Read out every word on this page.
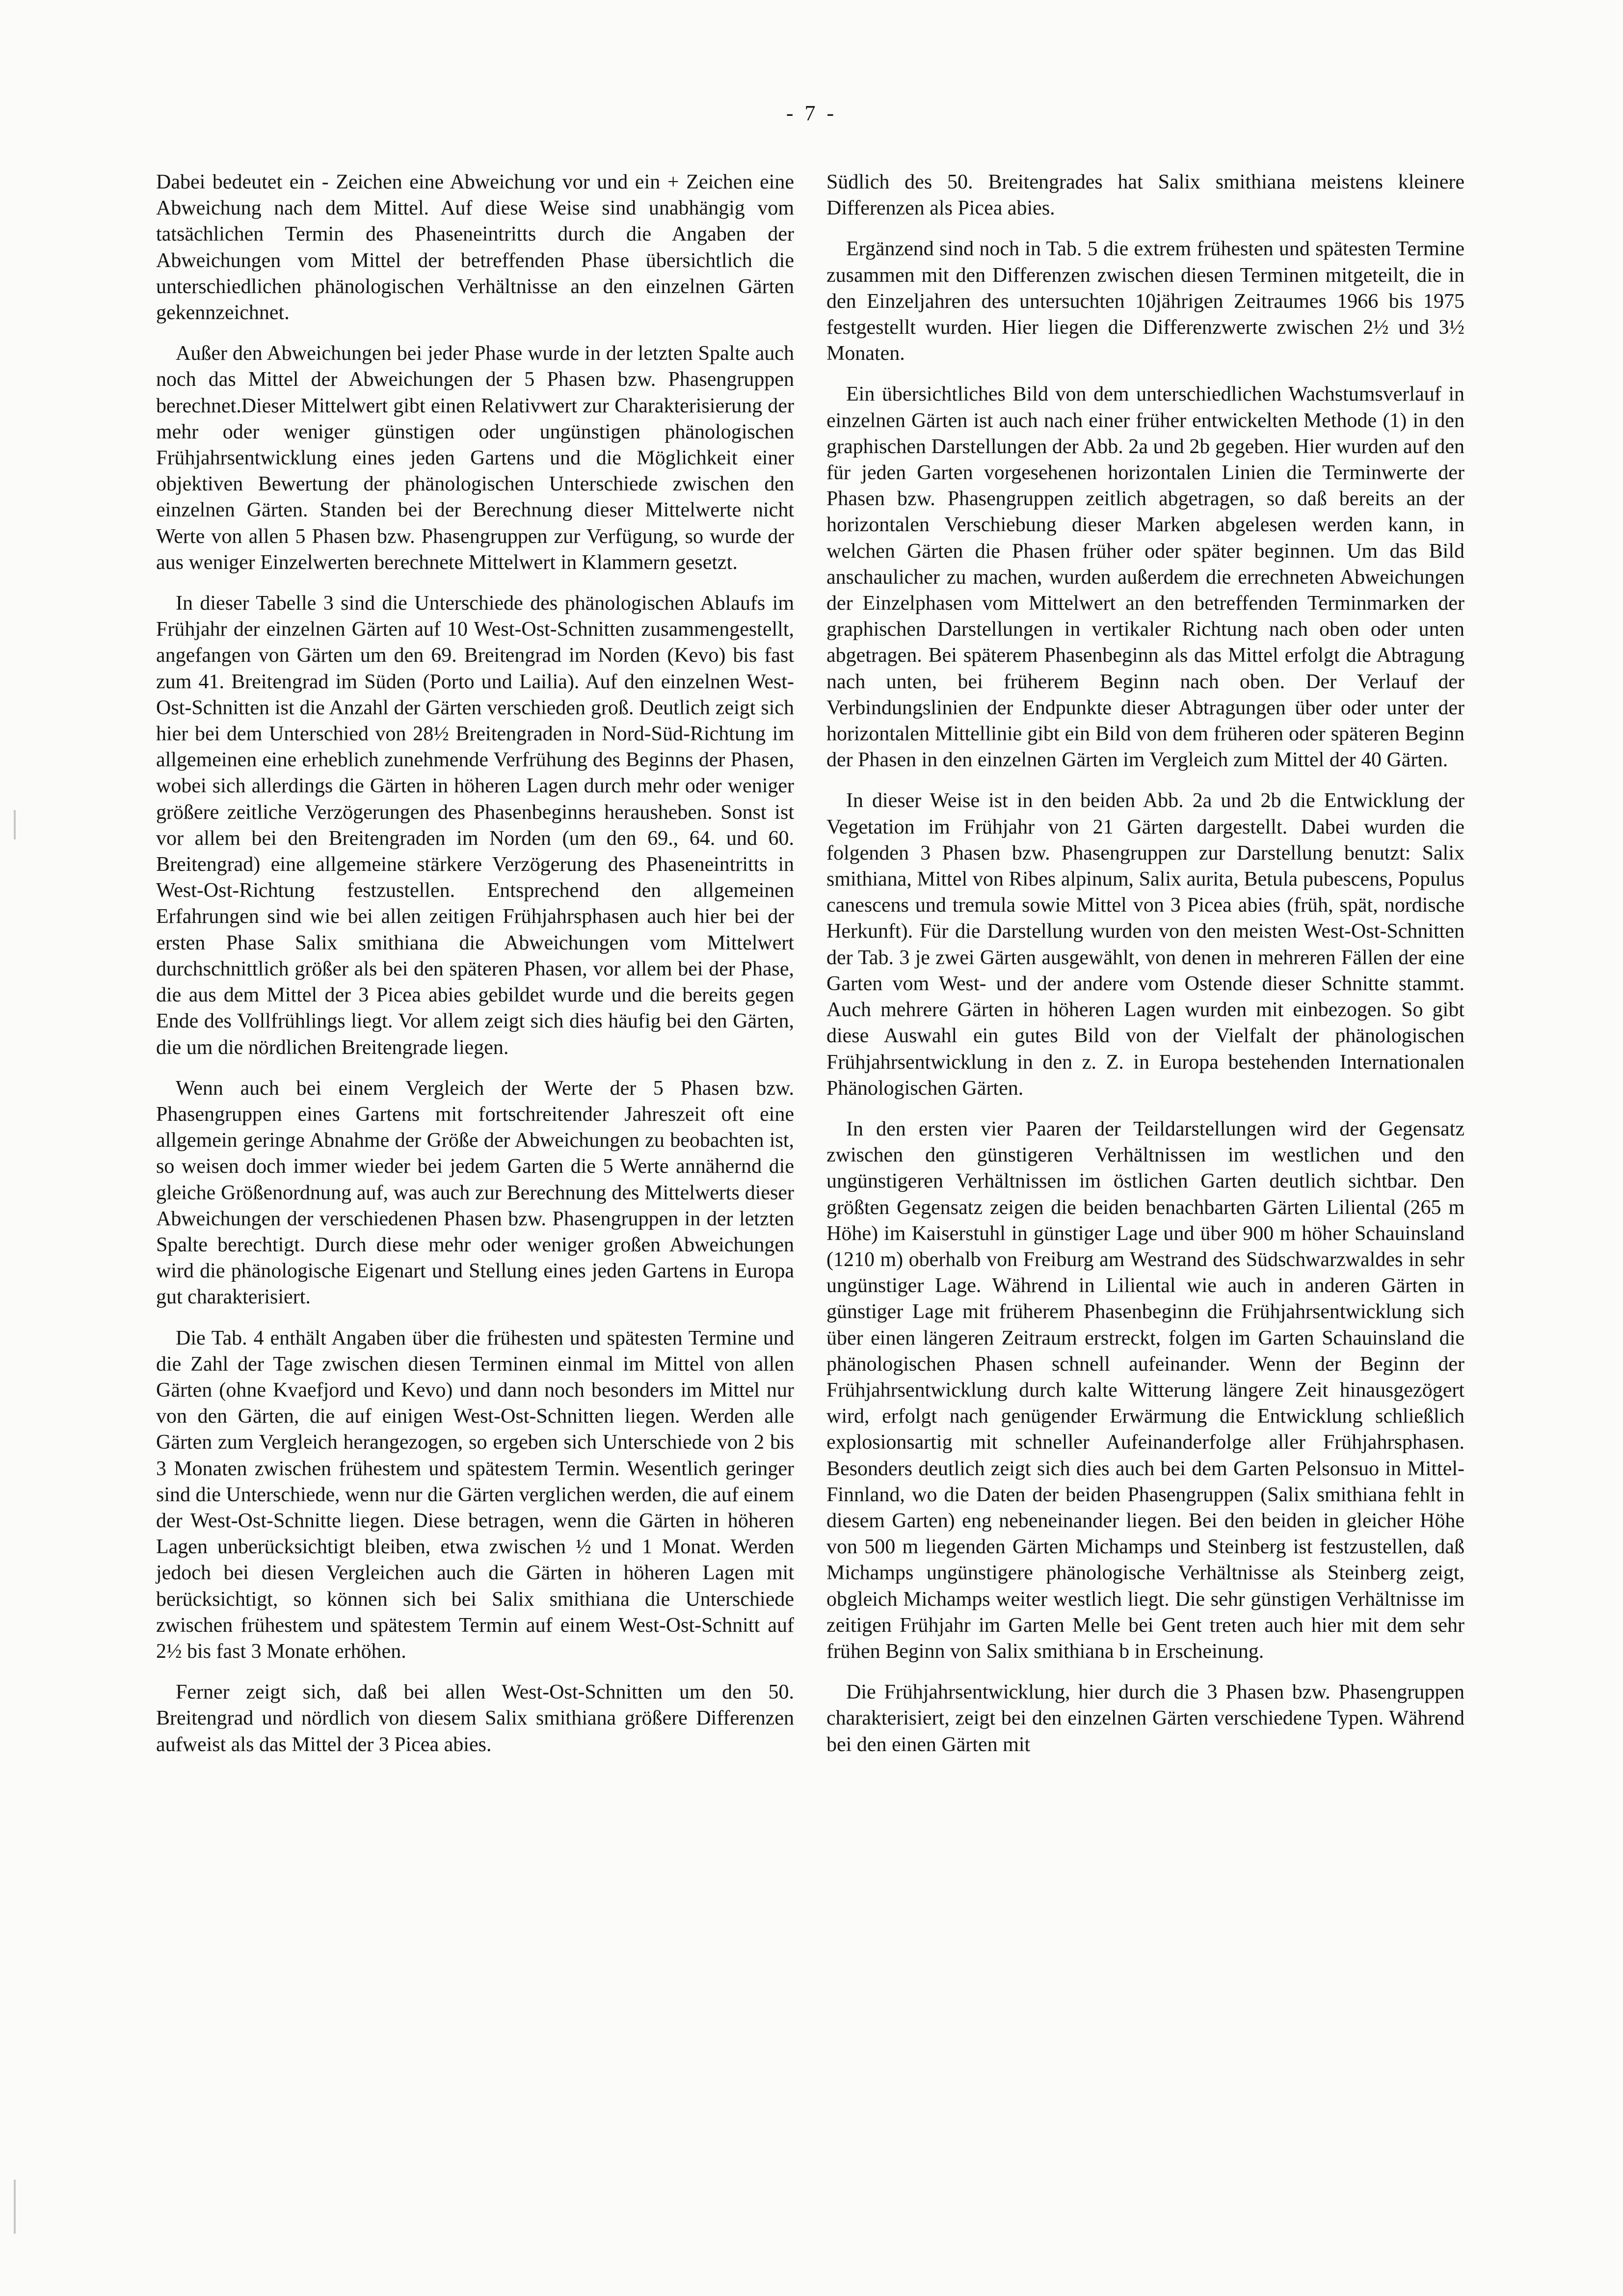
- 7 -

Dabei bedeutet ein - Zeichen eine Abweichung vor und ein + Zeichen eine Abweichung nach dem Mittel. Auf diese Weise sind unabhängig vom tatsächlichen Termin des Phaseneintritts durch die Angaben der Abweichungen vom Mittel der betreffenden Phase übersichtlich die unterschiedlichen phänologischen Verhältnisse an den einzelnen Gärten gekennzeichnet.

Außer den Abweichungen bei jeder Phase wurde in der letzten Spalte auch noch das Mittel der Abweichungen der 5 Phasen bzw. Phasengruppen berechnet.Dieser Mittelwert gibt einen Relativwert zur Charakterisierung der mehr oder weniger günstigen oder ungünstigen phänologischen Frühjahrsentwicklung eines jeden Gartens und die Möglichkeit einer objektiven Bewertung der phänologischen Unterschiede zwischen den einzelnen Gärten. Standen bei der Berechnung dieser Mittelwerte nicht Werte von allen 5 Phasen bzw. Phasengruppen zur Verfügung, so wurde der aus weniger Einzelwerten berechnete Mittelwert in Klammern gesetzt.

In dieser Tabelle 3 sind die Unterschiede des phänologischen Ablaufs im Frühjahr der einzelnen Gärten auf 10 West-Ost-Schnitten zusammengestellt, angefangen von Gärten um den 69. Breitengrad im Norden (Kevo) bis fast zum 41. Breitengrad im Süden (Porto und Lailia). Auf den einzelnen West-Ost-Schnitten ist die Anzahl der Gärten verschieden groß. Deutlich zeigt sich hier bei dem Unterschied von 28½ Breitengraden in Nord-Süd-Richtung im allgemeinen eine erheblich zunehmende Verfrühung des Beginns der Phasen, wobei sich allerdings die Gärten in höheren Lagen durch mehr oder weniger größere zeitliche Verzögerungen des Phasenbeginns herausheben. Sonst ist vor allem bei den Breitengraden im Norden (um den 69., 64. und 60. Breitengrad) eine allgemeine stärkere Verzögerung des Phaseneintritts in West-Ost-Richtung festzustellen. Entsprechend den allgemeinen Erfahrungen sind wie bei allen zeitigen Frühjahrsphasen auch hier bei der ersten Phase Salix smithiana die Abweichungen vom Mittelwert durchschnittlich größer als bei den späteren Phasen, vor allem bei der Phase, die aus dem Mittel der 3 Picea abies gebildet wurde und die bereits gegen Ende des Vollfrühlings liegt. Vor allem zeigt sich dies häufig bei den Gärten, die um die nördlichen Breitengrade liegen.

Wenn auch bei einem Vergleich der Werte der 5 Phasen bzw. Phasengruppen eines Gartens mit fortschreitender Jahreszeit oft eine allgemein geringe Abnahme der Größe der Abweichungen zu beobachten ist, so weisen doch immer wieder bei jedem Garten die 5 Werte annähernd die gleiche Größenordnung auf, was auch zur Berechnung des Mittelwerts dieser Abweichungen der verschiedenen Phasen bzw. Phasengruppen in der letzten Spalte berechtigt. Durch diese mehr oder weniger großen Abweichungen wird die phänologische Eigenart und Stellung eines jeden Gartens in Europa gut charakterisiert.

Die Tab. 4 enthält Angaben über die frühesten und spätesten Termine und die Zahl der Tage zwischen diesen Terminen einmal im Mittel von allen Gärten (ohne Kvaefjord und Kevo) und dann noch besonders im Mittel nur von den Gärten, die auf einigen West-Ost-Schnitten liegen. Werden alle Gärten zum Vergleich herangezogen, so ergeben sich Unterschiede von 2 bis 3 Monaten zwischen frühestem und spätestem Termin. Wesentlich geringer sind die Unterschiede, wenn nur die Gärten verglichen werden, die auf einem der West-Ost-Schnitte liegen. Diese betragen, wenn die Gärten in höheren Lagen unberücksichtigt bleiben, etwa zwischen ½ und 1 Monat. Werden jedoch bei diesen Vergleichen auch die Gärten in höheren Lagen mit berücksichtigt, so können sich bei Salix smithiana die Unterschiede zwischen frühestem und spätestem Termin auf einem West-Ost-Schnitt auf 2½ bis fast 3 Monate erhöhen.

Ferner zeigt sich, daß bei allen West-Ost-Schnitten um den 50. Breitengrad und nördlich von diesem Salix smithiana größere Differenzen aufweist als das Mittel der 3 Picea abies.

Südlich des 50. Breitengrades hat Salix smithiana meistens kleinere Differenzen als Picea abies.

Ergänzend sind noch in Tab. 5 die extrem frühesten und spätesten Termine zusammen mit den Differenzen zwischen diesen Terminen mitgeteilt, die in den Einzeljahren des untersuchten 10jährigen Zeitraumes 1966 bis 1975 festgestellt wurden. Hier liegen die Differenzwerte zwischen 2½ und 3½ Monaten.

Ein übersichtliches Bild von dem unterschiedlichen Wachstumsverlauf in einzelnen Gärten ist auch nach einer früher entwickelten Methode (1) in den graphischen Darstellungen der Abb. 2a und 2b gegeben. Hier wurden auf den für jeden Garten vorgesehenen horizontalen Linien die Terminwerte der Phasen bzw. Phasengruppen zeitlich abgetragen, so daß bereits an der horizontalen Verschiebung dieser Marken abgelesen werden kann, in welchen Gärten die Phasen früher oder später beginnen. Um das Bild anschaulicher zu machen, wurden außerdem die errechneten Abweichungen der Einzelphasen vom Mittelwert an den betreffenden Terminmarken der graphischen Darstellungen in vertikaler Richtung nach oben oder unten abgetragen. Bei späterem Phasenbeginn als das Mittel erfolgt die Abtragung nach unten, bei früherem Beginn nach oben. Der Verlauf der Verbindungslinien der Endpunkte dieser Abtragungen über oder unter der horizontalen Mittellinie gibt ein Bild von dem früheren oder späteren Beginn der Phasen in den einzelnen Gärten im Vergleich zum Mittel der 40 Gärten.

In dieser Weise ist in den beiden Abb. 2a und 2b die Entwicklung der Vegetation im Frühjahr von 21 Gärten dargestellt. Dabei wurden die folgenden 3 Phasen bzw. Phasengruppen zur Darstellung benutzt: Salix smithiana, Mittel von Ribes alpinum, Salix aurita, Betula pubescens, Populus canescens und tremula sowie Mittel von 3 Picea abies (früh, spät, nordische Herkunft). Für die Darstellung wurden von den meisten West-Ost-Schnitten der Tab. 3 je zwei Gärten ausgewählt, von denen in mehreren Fällen der eine Garten vom West- und der andere vom Ostende dieser Schnitte stammt. Auch mehrere Gärten in höheren Lagen wurden mit einbezogen. So gibt diese Auswahl ein gutes Bild von der Vielfalt der phänologischen Frühjahrsentwicklung in den z. Z. in Europa bestehenden Internationalen Phänologischen Gärten.

In den ersten vier Paaren der Teildarstellungen wird der Gegensatz zwischen den günstigeren Verhältnissen im westlichen und den ungünstigeren Verhältnissen im östlichen Garten deutlich sichtbar. Den größten Gegensatz zeigen die beiden benachbarten Gärten Liliental (265 m Höhe) im Kaiserstuhl in günstiger Lage und über 900 m höher Schauinsland (1210 m) oberhalb von Freiburg am Westrand des Südschwarzwaldes in sehr ungünstiger Lage. Während in Liliental wie auch in anderen Gärten in günstiger Lage mit früherem Phasenbeginn die Frühjahrsentwicklung sich über einen längeren Zeitraum erstreckt, folgen im Garten Schauinsland die phänologischen Phasen schnell aufeinander. Wenn der Beginn der Frühjahrsentwicklung durch kalte Witterung längere Zeit hinausgezögert wird, erfolgt nach genügender Erwärmung die Entwicklung schließlich explosionsartig mit schneller Aufeinanderfolge aller Frühjahrsphasen. Besonders deutlich zeigt sich dies auch bei dem Garten Pelsonsuo in Mittel-Finnland, wo die Daten der beiden Phasengruppen (Salix smithiana fehlt in diesem Garten) eng nebeneinander liegen. Bei den beiden in gleicher Höhe von 500 m liegenden Gärten Michamps und Steinberg ist festzustellen, daß Michamps ungünstigere phänologische Verhältnisse als Steinberg zeigt, obgleich Michamps weiter westlich liegt. Die sehr günstigen Verhältnisse im zeitigen Frühjahr im Garten Melle bei Gent treten auch hier mit dem sehr frühen Beginn von Salix smithiana b in Erscheinung.

Die Frühjahrsentwicklung, hier durch die 3 Phasen bzw. Phasengruppen charakterisiert, zeigt bei den einzelnen Gärten verschiedene Typen. Während bei den einen Gärten mit
